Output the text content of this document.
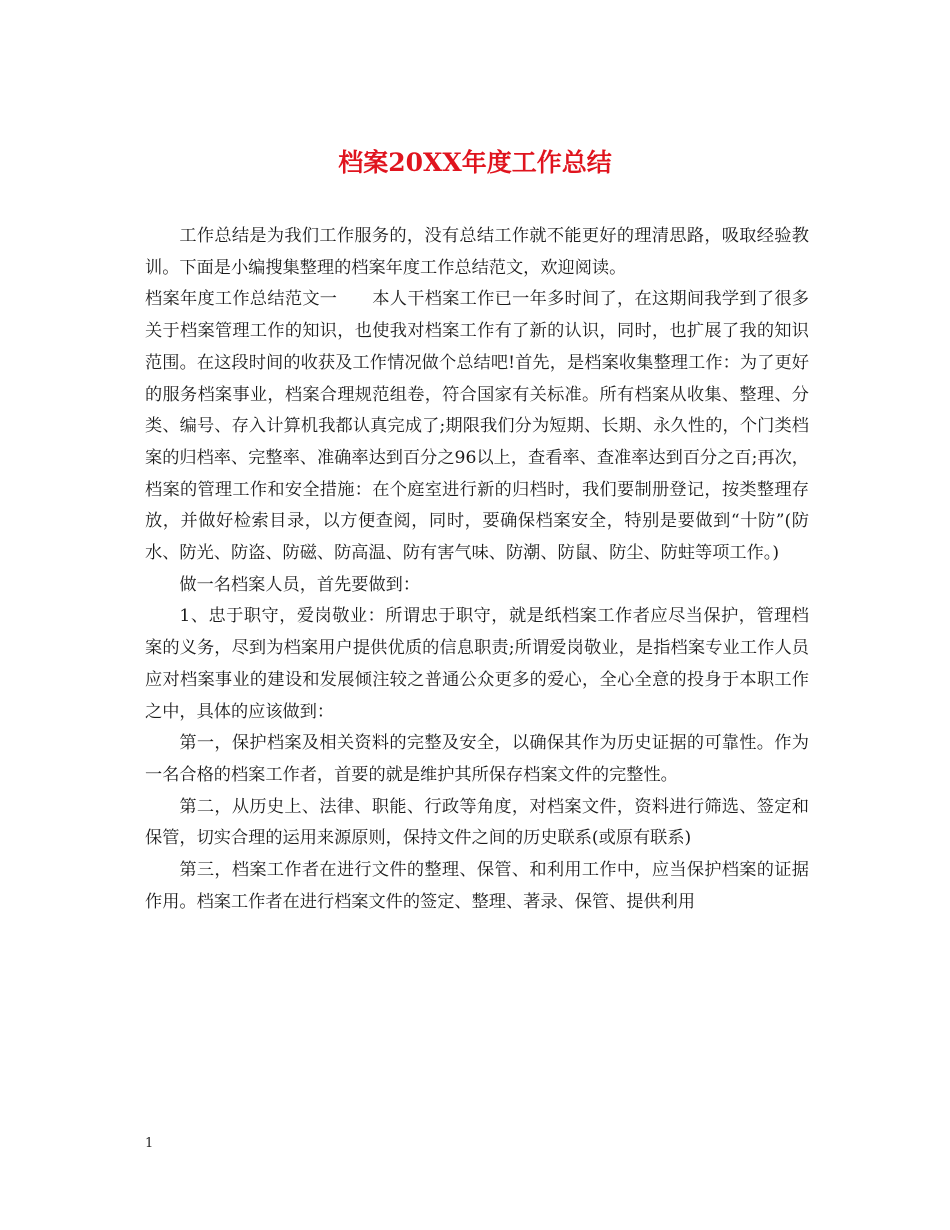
档案20XX年度工作总结

工作总结是为我们工作服务的，没有总结工作就不能更好的理清思路，吸取经验教训。下面是小编搜集整理的档案年度工作总结范文，欢迎阅读。

档案年度工作总结范文一　　本人干档案工作已一年多时间了，在这期间我学到了很多关于档案管理工作的知识，也使我对档案工作有了新的认识，同时，也扩展了我的知识范围。在这段时间的收获及工作情况做个总结吧!首先，是档案收集整理工作：为了更好的服务档案事业，档案合理规范组卷，符合国家有关标准。所有档案从收集、整理、分类、编号、存入计算机我都认真完成了;期限我们分为短期、长期、永久性的，个门类档案的归档率、完整率、准确率达到百分之96以上，查看率、查准率达到百分之百;再次，档案的管理工作和安全措施：在个庭室进行新的归档时，我们要制册登记，按类整理存放，并做好检索目录，以方便查阅，同时，要确保档案安全，特别是要做到“十防”(防水、防光、防盗、防磁、防高温、防有害气味、防潮、防鼠、防尘、防蛀等项工作。)

做一名档案人员，首先要做到：

1、忠于职守，爱岗敬业：所谓忠于职守，就是纸档案工作者应尽当保护，管理档案的义务，尽到为档案用户提供优质的信息职责;所谓爱岗敬业，是指档案专业工作人员应对档案事业的建设和发展倾注较之普通公众更多的爱心，全心全意的投身于本职工作之中，具体的应该做到：

第一，保护档案及相关资料的完整及安全，以确保其作为历史证据的可靠性。作为一名合格的档案工作者，首要的就是维护其所保存档案文件的完整性。

第二，从历史上、法律、职能、行政等角度，对档案文件，资料进行筛选、签定和保管，切实合理的运用来源原则，保持文件之间的历史联系(或原有联系)

第三，档案工作者在进行文件的整理、保管、和利用工作中，应当保护档案的证据作用。档案工作者在进行档案文件的签定、整理、著录、保管、提供利用

1
